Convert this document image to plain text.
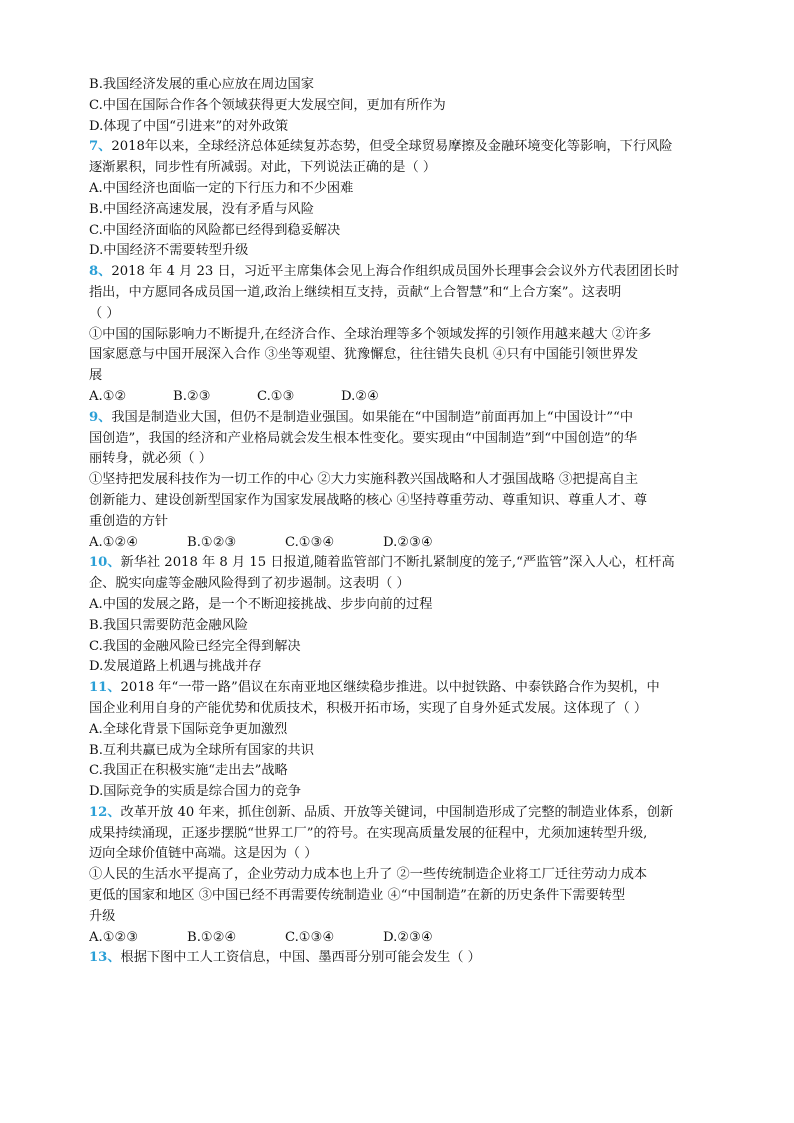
B.我国经济发展的重心应放在周边国家
C.中国在国际合作各个领域获得更大发展空间，更加有所作为
D.体现了中国“引进来”的对外政策
7、2018年以来，全球经济总体延续复苏态势，但受全球贸易摩擦及金融环境变化等影响，下行风险
逐渐累积，同步性有所减弱。对此，下列说法正确的是（ ）
A.中国经济也面临一定的下行压力和不少困难
B.中国经济高速发展，没有矛盾与风险
C.中国经济面临的风险都已经得到稳妥解决
D.中国经济不需要转型升级
8、2018 年 4 月 23 日，习近平主席集体会见上海合作组织成员国外长理事会会议外方代表团团长时
指出，中方愿同各成员国一道,政治上继续相互支持，贡献“上合智慧”和“上合方案”。这表明
（ ）
①中国的国际影响力不断提升,在经济合作、全球治理等多个领域发挥的引领作用越来越大 ②许多
国家愿意与中国开展深入合作 ③坐等观望、犹豫懈怠，往往错失良机 ④只有中国能引领世界发
展
A.①②	B.②③	C.①③	D.②④
9、我国是制造业大国，但仍不是制造业强国。如果能在“中国制造”前面再加上“中国设计”“中
国创造”，我国的经济和产业格局就会发生根本性变化。要实现由“中国制造”到“中国创造”的华
丽转身，就必须（ ）
①坚持把发展科技作为一切工作的中心 ②大力实施科教兴国战略和人才强国战略 ③把提高自主
创新能力、建设创新型国家作为国家发展战略的核心 ④坚持尊重劳动、尊重知识、尊重人才、尊
重创造的方针
A.①②④	B.①②③	C.①③④	D.②③④
10、新华社 2018 年 8 月 15 日报道,随着监管部门不断扎紧制度的笼子,“严监管”深入人心，杠杆高
企、脱实向虚等金融风险得到了初步遏制。这表明（ ）
A.中国的发展之路，是一个不断迎接挑战、步步向前的过程
B.我国只需要防范金融风险
C.我国的金融风险已经完全得到解决
D.发展道路上机遇与挑战并存
11、2018 年“一带一路”倡议在东南亚地区继续稳步推进。以中挝铁路、中泰铁路合作为契机，中
国企业利用自身的产能优势和优质技术，积极开拓市场，实现了自身外延式发展。这体现了（ ）
A.全球化背景下国际竞争更加激烈
B.互利共赢已成为全球所有国家的共识
C.我国正在积极实施“走出去”战略
D.国际竞争的实质是综合国力的竞争
12、改革开放 40 年来，抓住创新、品质、开放等关键词，中国制造形成了完整的制造业体系，创新
成果持续涌现，正逐步摆脱“世界工厂”的符号。在实现高质量发展的征程中，尤须加速转型升级,
迈向全球价值链中高端。这是因为（ ）
①人民的生活水平提高了，企业劳动力成本也上升了 ②一些传统制造企业将工厂迁往劳动力成本
更低的国家和地区 ③中国已经不再需要传统制造业 ④“中国制造”在新的历史条件下需要转型
升级
A.①②③	B.①②④	C.①③④	D.②③④
13、根据下图中工人工资信息，中国、墨西哥分别可能会发生（ ）
